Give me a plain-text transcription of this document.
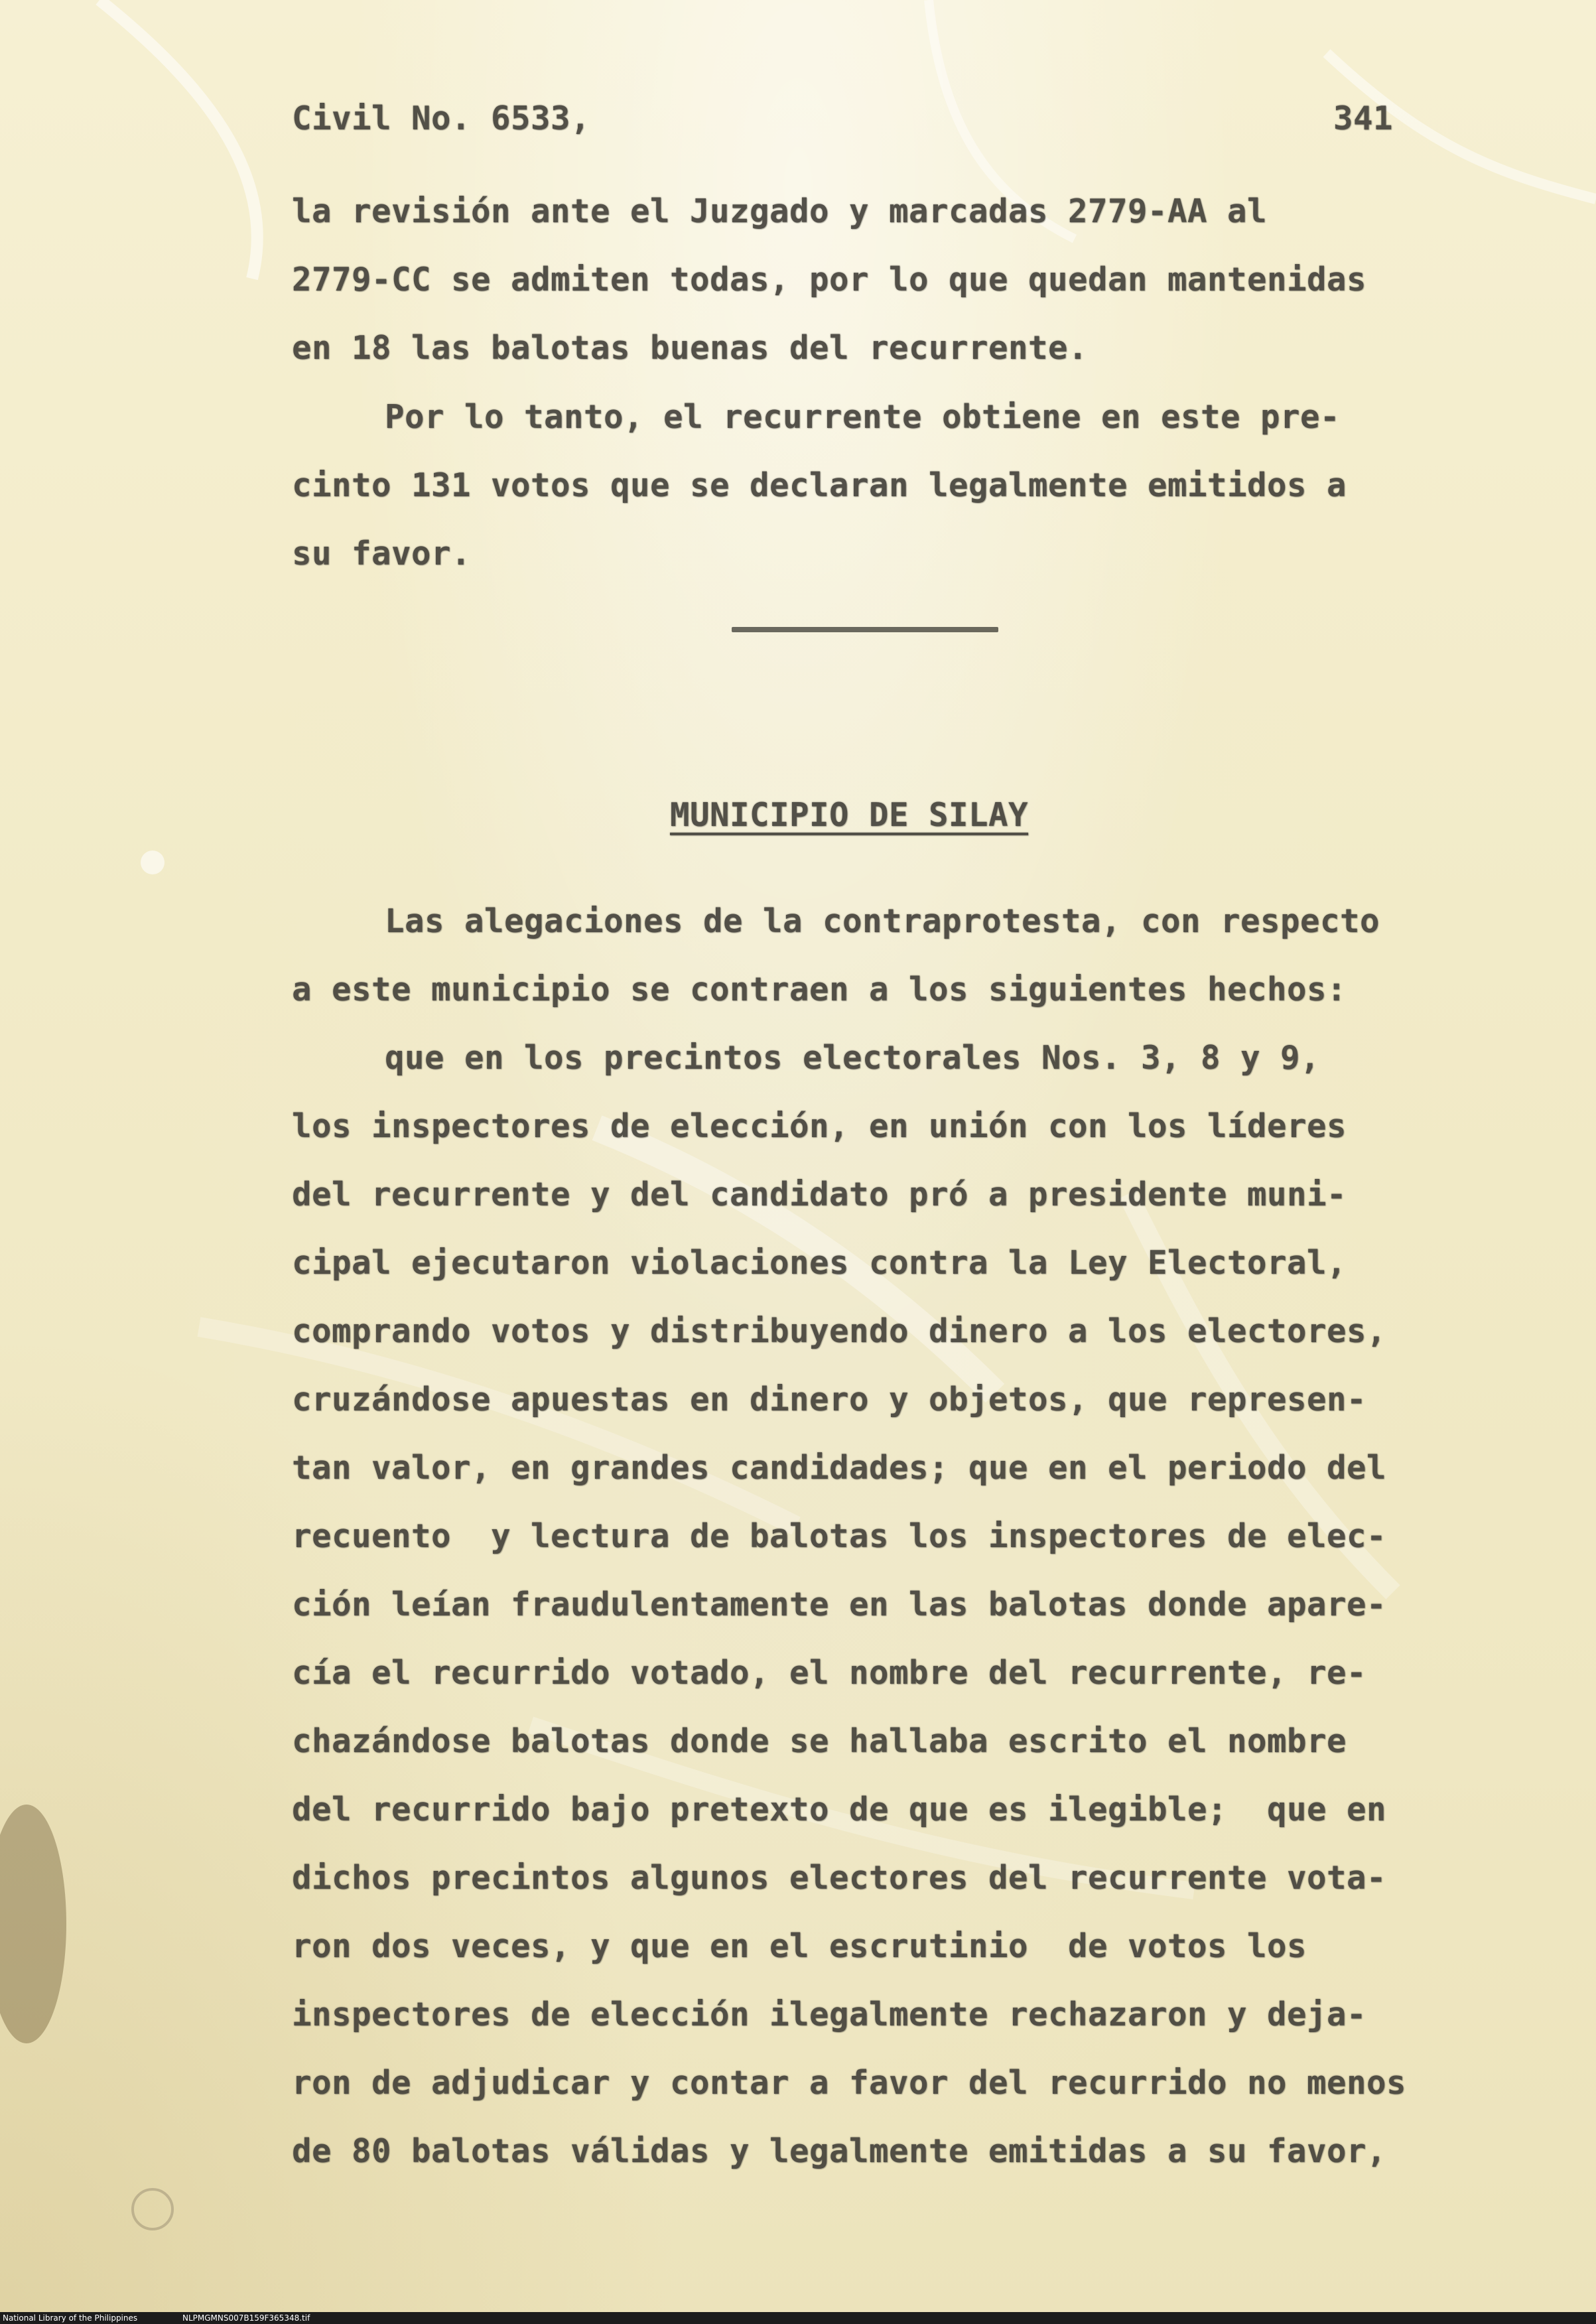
Civil No. 6533,

	341

la revisión ante el Juzgado y marcadas 2779-AA al

2779-CC se admiten todas, por lo que quedan mantenidas

en 18 las balotas buenas del recurrente.

Por lo tanto, el recurrente obtiene en este pre-

cinto 131 votos que se declaran legalmente emitidos a

su favor.

MUNICIPIO DE SILAY

Las alegaciones de la contraprotesta, con respecto

a este municipio se contraen a los siguientes hechos:

que en los precintos electorales Nos. 3, 8 y 9,

los inspectores de elección, en unión con los líderes

del recurrente y del candidato pró a presidente muni-

cipal ejecutaron violaciones contra la Ley Electoral,

comprando votos y distribuyendo dinero a los electores,

cruzándose apuestas en dinero y objetos, que represen-

tan valor, en grandes candidades; que en el periodo del

recuento  y lectura de balotas los inspectores de elec-

ción leían fraudulentamente en las balotas donde apare-

cía el recurrido votado, el nombre del recurrente, re-

chazándose balotas donde se hallaba escrito el nombre

del recurrido bajo pretexto de que es ilegible;  que en

dichos precintos algunos electores del recurrente vota-

ron dos veces, y que en el escrutinio  de votos los

inspectores de elección ilegalmente rechazaron y deja-

ron de adjudicar y contar a favor del recurrido no menos

de 80 balotas válidas y legalmente emitidas a su favor,

National Library of the Philippines	NLPMGMNS007B159F365348.tif
